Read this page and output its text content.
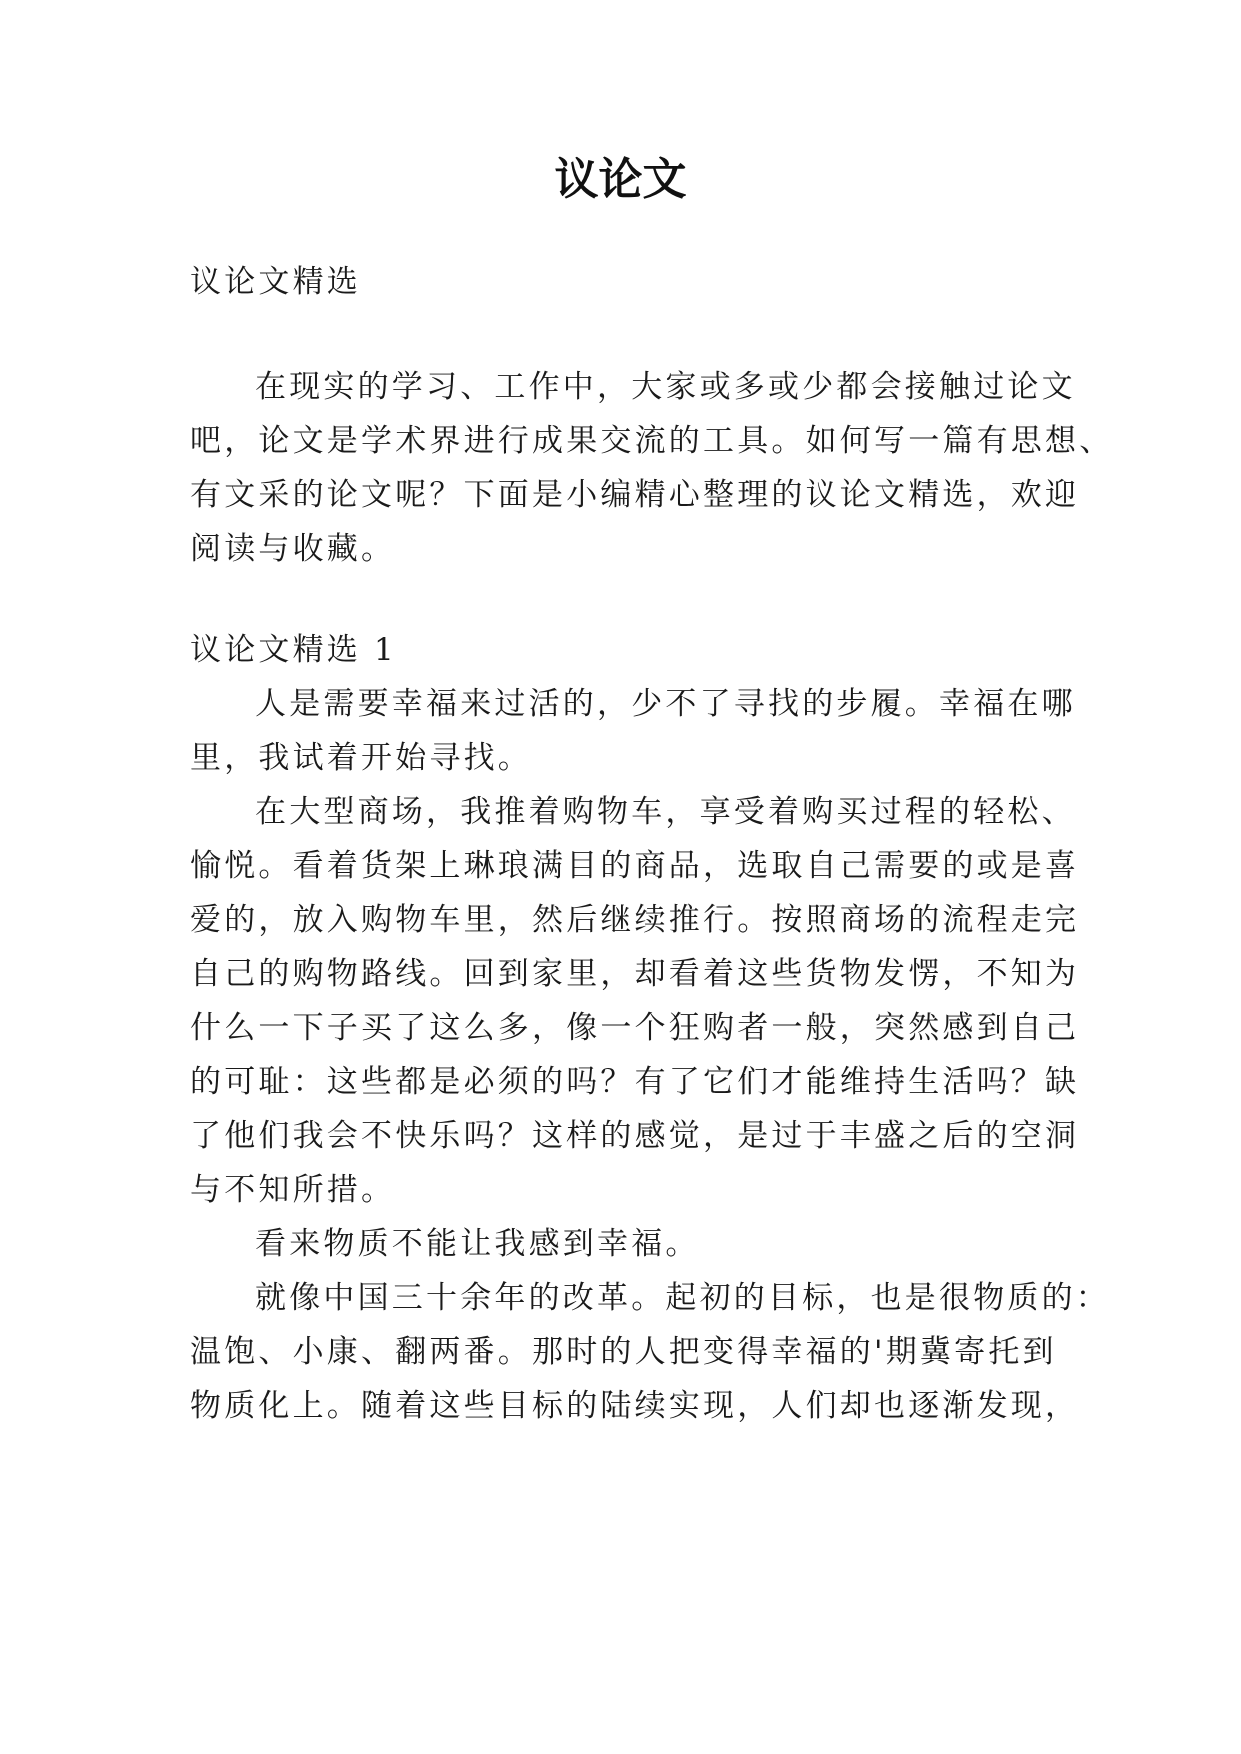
议论文

议论文精选

在现实的学习、工作中，大家或多或少都会接触过论文

吧，论文是学术界进行成果交流的工具。如何写一篇有思想、

有文采的论文呢？下面是小编精心整理的议论文精选，欢迎

阅读与收藏。

议论文精选 1

人是需要幸福来过活的，少不了寻找的步履。幸福在哪

里，我试着开始寻找。

在大型商场，我推着购物车，享受着购买过程的轻松、

愉悦。看着货架上琳琅满目的商品，选取自己需要的或是喜

爱的，放入购物车里，然后继续推行。按照商场的流程走完

自己的购物路线。回到家里，却看着这些货物发愣，不知为

什么一下子买了这么多，像一个狂购者一般，突然感到自己

的可耻：这些都是必须的吗？有了它们才能维持生活吗？缺

了他们我会不快乐吗？这样的感觉，是过于丰盛之后的空洞

与不知所措。

看来物质不能让我感到幸福。

就像中国三十余年的改革。起初的目标，也是很物质的：

温饱、小康、翻两番。那时的人把变得幸福的'期冀寄托到

物质化上。随着这些目标的陆续实现，人们却也逐渐发现，
